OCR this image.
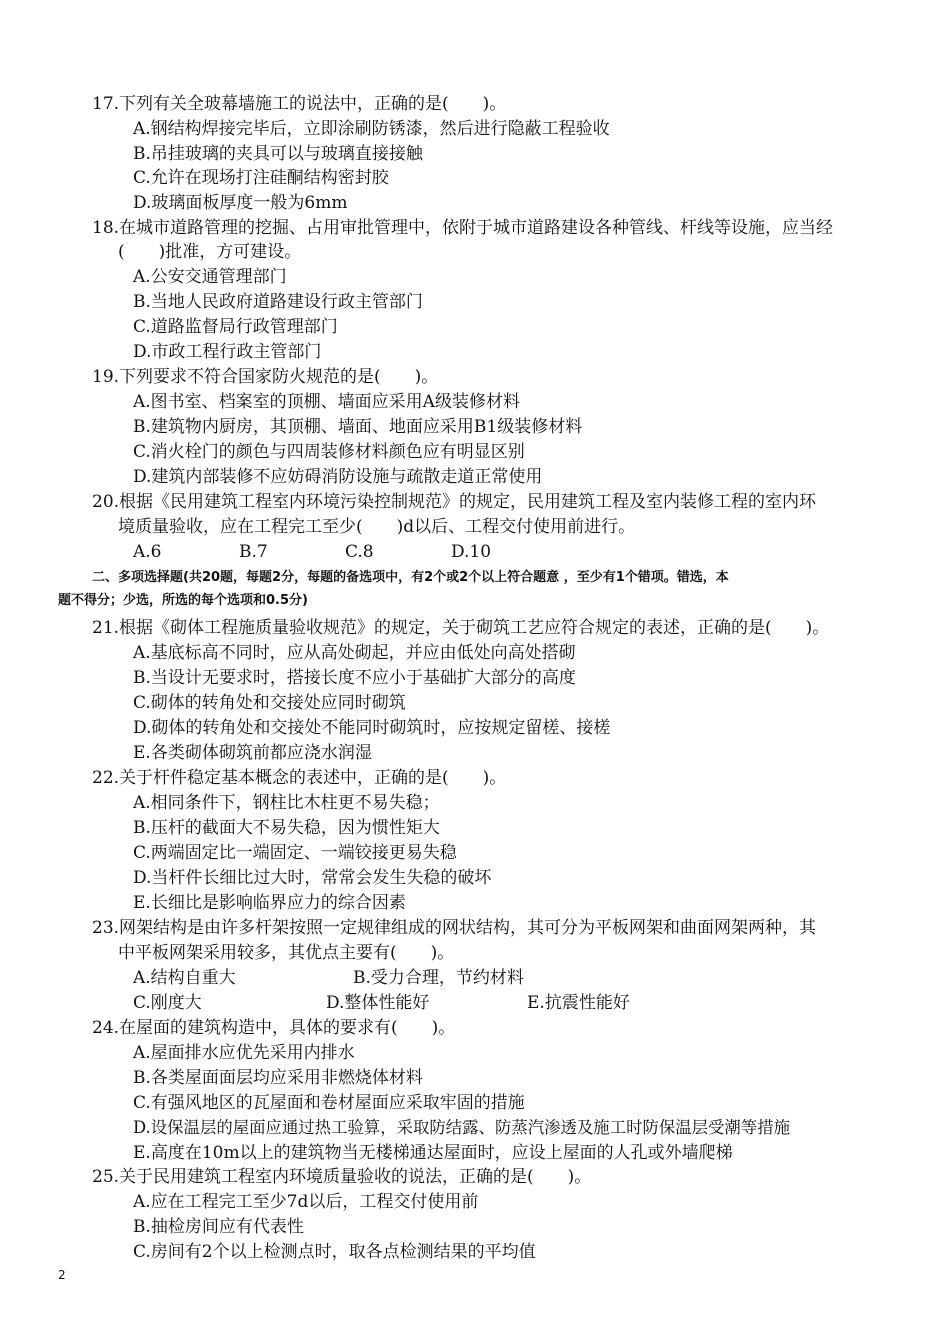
17.下列有关全玻幕墙施工的说法中，正确的是(　　)。
A.钢结构焊接完毕后，立即涂刷防锈漆，然后进行隐蔽工程验收
B.吊挂玻璃的夹具可以与玻璃直接接触
C.允许在现场打注硅酮结构密封胶
D.玻璃面板厚度一般为6mm
18.在城市道路管理的挖掘、占用审批管理中，依附于城市道路建设各种管线、杆线等设施，应当经
(　　)批准，方可建设。
A.公安交通管理部门
B.当地人民政府道路建设行政主管部门
C.道路监督局行政管理部门
D.市政工程行政主管部门
19.下列要求不符合国家防火规范的是(　　)。
A.图书室、档案室的顶棚、墙面应采用A级装修材料
B.建筑物内厨房，其顶棚、墙面、地面应采用B1级装修材料
C.消火栓门的颜色与四周装修材料颜色应有明显区别
D.建筑内部装修不应妨碍消防设施与疏散走道正常使用
20.根据《民用建筑工程室内环境污染控制规范》的规定，民用建筑工程及室内装修工程的室内环
境质量验收，应在工程完工至少(　　)d以后、工程交付使用前进行。
A.6	B.7	C.8	D.10
二、多项选择题(共20题，每题2分，每题的备选项中，有2个或2个以上符合题意 ，至少有1个错项。错选，本
题不得分；少选，所选的每个选项和0.5分)
21.根据《砌体工程施质量验收规范》的规定，关于砌筑工艺应符合规定的表述，正确的是(　　)。
A.基底标高不同时，应从高处砌起，并应由低处向高处搭砌
B.当设计无要求时，搭接长度不应小于基础扩大部分的高度
C.砌体的转角处和交接处应同时砌筑
D.砌体的转角处和交接处不能同时砌筑时，应按规定留槎、接槎
E.各类砌体砌筑前都应浇水润湿
22.关于杆件稳定基本概念的表述中，正确的是(　　)。
A.相同条件下，钢柱比木柱更不易失稳；
B.压杆的截面大不易失稳，因为惯性矩大
C.两端固定比一端固定、一端铰接更易失稳
D.当杆件长细比过大时，常常会发生失稳的破坏
E.长细比是影响临界应力的综合因素
23.网架结构是由许多杆架按照一定规律组成的网状结构，其可分为平板网架和曲面网架两种，其
中平板网架采用较多，其优点主要有(　　)。
A.结构自重大	B.受力合理，节约材料
C.刚度大	D.整体性能好	E.抗震性能好
24.在屋面的建筑构造中，具体的要求有(　　)。
A.屋面排水应优先采用内排水
B.各类屋面面层均应采用非燃烧体材料
C.有强风地区的瓦屋面和卷材屋面应采取牢固的措施
D.设保温层的屋面应通过热工验算，采取防结露、防蒸汽渗透及施工时防保温层受潮等措施
E.高度在10m以上的建筑物当无楼梯通达屋面时，应设上屋面的人孔或外墙爬梯
25.关于民用建筑工程室内环境质量验收的说法，正确的是(　　)。
A.应在工程完工至少7d以后，工程交付使用前
B.抽检房间应有代表性
C.房间有2个以上检测点时，取各点检测结果的平均值
2
